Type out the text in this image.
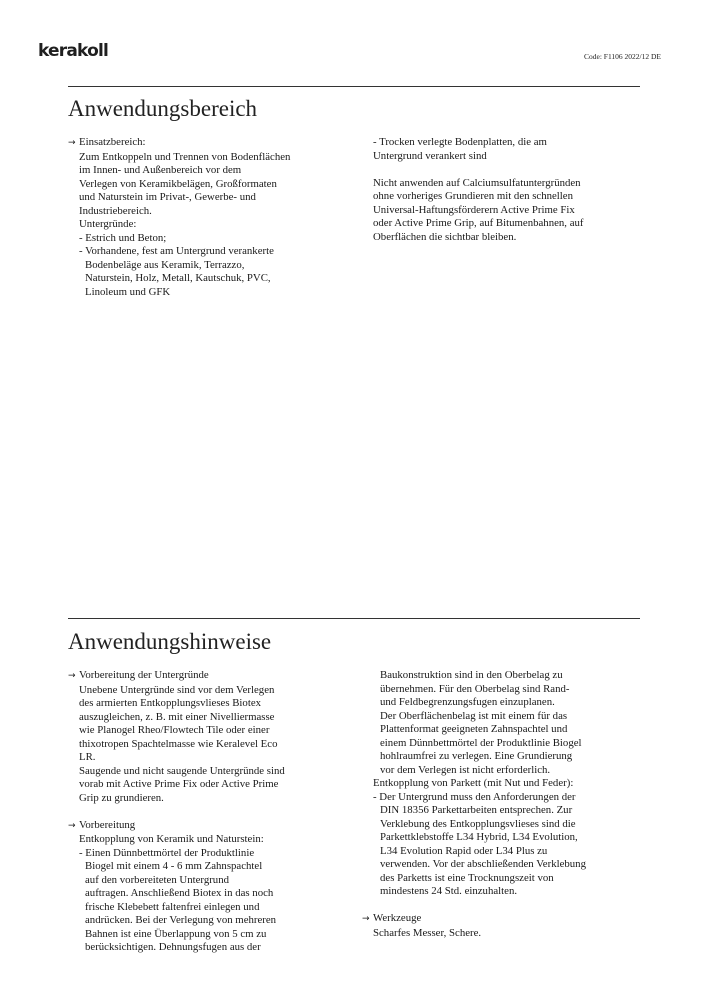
kerakoll	Code: F1106 2022/12 DE
Anwendungsbereich

→ Einsatzbereich:

Zum Entkoppeln und Trennen von Bodenflächen

im Innen- und Außenbereich vor dem

Verlegen von Keramikbelägen, Großformaten

und Naturstein im Privat-, Gewerbe- und

Industriebereich.

Untergründe:

- Estrich und Beton;

- Vorhandene, fest am Untergrund verankerte

Bodenbeläge aus Keramik, Terrazzo,

Naturstein, Holz, Metall, Kautschuk, PVC,

Linoleum und GFK

- Trocken verlegte Bodenplatten, die am

Untergrund verankert sind

Nicht anwenden auf Calciumsulfatuntergründen

ohne vorheriges Grundieren mit den schnellen

Universal-Haftungsförderern Active Prime Fix

oder Active Prime Grip, auf Bitumenbahnen, auf

Oberflächen die sichtbar bleiben.

Anwendungshinweise

→ Vorbereitung der Untergründe

Unebene Untergründe sind vor dem Verlegen

des armierten Entkopplungsvlieses Biotex

auszugleichen, z. B. mit einer Nivelliermasse

wie Planogel Rheo/Flowtech Tile oder einer

thixotropen Spachtelmasse wie Keralevel Eco

LR.

Saugende und nicht saugende Untergründe sind

vorab mit Active Prime Fix oder Active Prime

Grip zu grundieren.

→ Vorbereitung

Entkopplung von Keramik und Naturstein:

- Einen Dünnbettmörtel der Produktlinie

Biogel mit einem 4 - 6 mm Zahnspachtel

auf den vorbereiteten Untergrund

auftragen. Anschließend Biotex in das noch

frische Klebebett faltenfrei einlegen und

andrücken. Bei der Verlegung von mehreren

Bahnen ist eine Überlappung von 5 cm zu

berücksichtigen. Dehnungsfugen aus der

Baukonstruktion sind in den Oberbelag zu

übernehmen. Für den Oberbelag sind Rand-

und Feldbegrenzungsfugen einzuplanen.

Der Oberflächenbelag ist mit einem für das

Plattenformat geeigneten Zahnspachtel und

einem Dünnbettmörtel der Produktlinie Biogel

hohlraumfrei zu verlegen. Eine Grundierung

vor dem Verlegen ist nicht erforderlich.

Entkopplung von Parkett (mit Nut und Feder):

- Der Untergrund muss den Anforderungen der

DIN 18356 Parkettarbeiten entsprechen. Zur

Verklebung des Entkopplungsvlieses sind die

Parkettklebstoffe L34 Hybrid, L34 Evolution,

L34 Evolution Rapid oder L34 Plus zu

verwenden. Vor der abschließenden Verklebung

des Parketts ist eine Trocknungszeit von

mindestens 24 Std. einzuhalten.

→ Werkzeuge

Scharfes Messer, Schere.
